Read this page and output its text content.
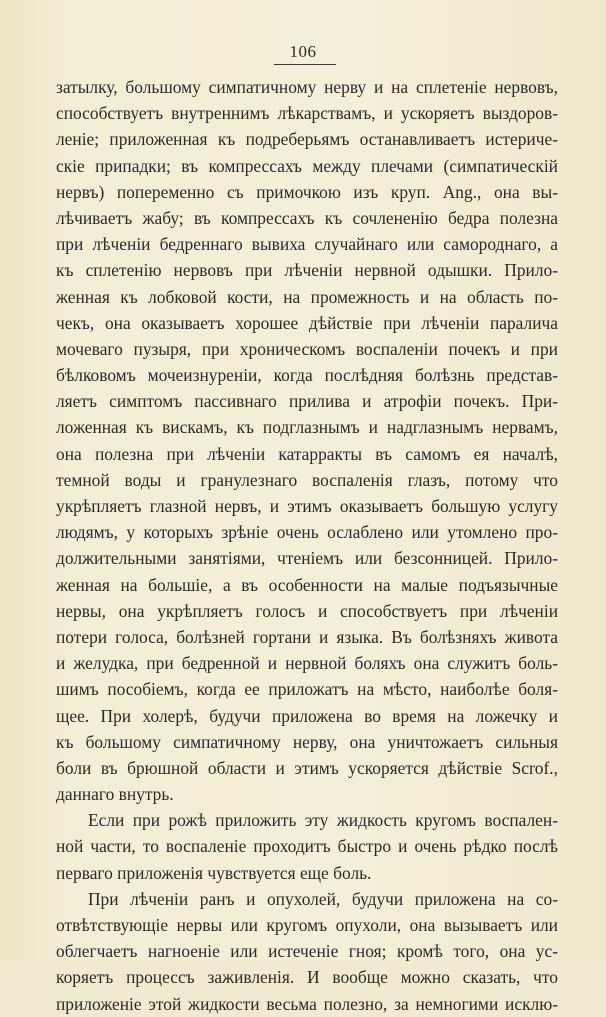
106
затылку, большому симпатичному нерву и на сплетеніе нервовъ,
способствуетъ внутреннимъ лѣкарствамъ, и ускоряетъ выздоров-
леніе; приложенная къ подреберьямъ останавливаетъ истериче-
скіе припадки; въ компрессахъ между плечами (симпатическій
нервъ) попеременно съ примочкою изъ круп. Ang., она вы-
лѣчиваетъ жабу; въ компрессахъ къ сочлененію бедра полезна
при лѣченіи бедреннаго вывиха случайнаго или самороднаго, а
къ сплетенію нервовъ при лѣченіи нервной одышки. Прило-
женная къ лобковой кости, на промежность и на область по-
чекъ, она оказываетъ хорошее дѣйствіе при лѣченіи паралича
мочеваго пузыря, при хроническомъ воспаленіи почекъ и при
бѣлковомъ мочеизнуреніи, когда послѣдняя болѣзнь представ-
ляетъ симптомъ пассивнаго прилива и атрофіи почекъ. При-
ложенная къ вискамъ, къ подглазнымъ и надглазнымъ нервамъ,
она полезна при лѣченіи катарракты въ самомъ ея началѣ,
темной воды и гранулезнаго воспаленія глазъ, потому что
укрѣпляетъ глазной нервъ, и этимъ оказываетъ большую услугу
людямъ, у которыхъ зрѣніе очень ослаблено или утомлено про-
должительными занятіями, чтеніемъ или безсонницей. Прило-
женная на большіе, а въ особенности на малые подъязычные
нервы, она укрѣпляетъ голосъ и способствуетъ при лѣченіи
потери голоса, болѣзней гортани и языка. Въ болѣзняхъ живота
и желудка, при бедренной и нервной боляхъ она служитъ боль-
шимъ пособіемъ, когда ее приложатъ на мѣсто, наиболѣе боля-
щее. При холерѣ, будучи приложена во время на ложечку и
къ большому симпатичному нерву, она уничтожаетъ сильныя
боли въ брюшной области и этимъ ускоряется дѣйствіе Scrof.,
даннаго внутрь.
Если при рожѣ приложить эту жидкость кругомъ воспален-
ной части, то воспаленіе проходитъ быстро и очень рѣдко послѣ
перваго приложенія чувствуется еще боль.
При лѣченіи ранъ и опухолей, будучи приложена на со-
отвѣтствующіе нервы или кругомъ опухоли, она вызываетъ или
облегчаетъ нагноеніе или истеченіе гноя; кромѣ того, она ус-
коряетъ процессъ заживленія. И вообще можно сказать, что
приложеніе этой жидкости весьма полезно, за немногими исклю-
